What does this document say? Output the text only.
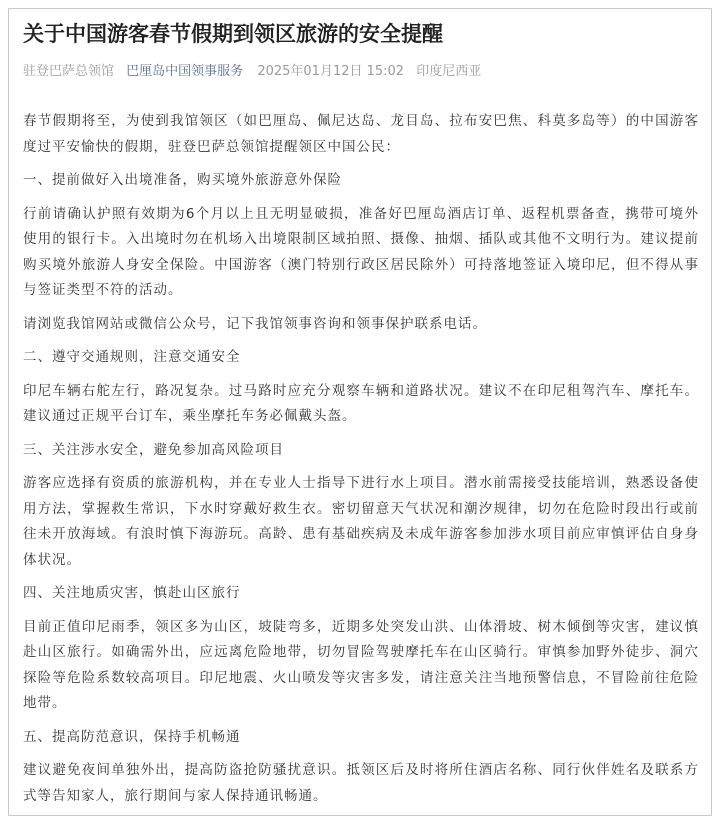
关于中国游客春节假期到领区旅游的安全提醒
驻登巴萨总领馆 巴厘岛中国领事服务 2025年01月12日 15:02 印度尼西亚

春节假期将至，为使到我馆领区（如巴厘岛、佩尼达岛、龙目岛、拉布安巴焦、科莫多岛等）的中国游客度过平安愉快的假期，驻登巴萨总领馆提醒领区中国公民：

一、提前做好入出境准备，购买境外旅游意外保险

行前请确认护照有效期为6个月以上且无明显破损，准备好巴厘岛酒店订单、返程机票备查，携带可境外使用的银行卡。入出境时勿在机场入出境限制区域拍照、摄像、抽烟、插队或其他不文明行为。建议提前购买境外旅游人身安全保险。中国游客（澳门特别行政区居民除外）可持落地签证入境印尼，但不得从事与签证类型不符的活动。

请浏览我馆网站或微信公众号，记下我馆领事咨询和领事保护联系电话。

二、遵守交通规则，注意交通安全

印尼车辆右舵左行，路况复杂。过马路时应充分观察车辆和道路状况。建议不在印尼租驾汽车、摩托车。建议通过正规平台订车，乘坐摩托车务必佩戴头盔。

三、关注涉水安全，避免参加高风险项目

游客应选择有资质的旅游机构，并在专业人士指导下进行水上项目。潜水前需接受技能培训，熟悉设备使用方法，掌握救生常识，下水时穿戴好救生衣。密切留意天气状况和潮汐规律，切勿在危险时段出行或前往未开放海域。有浪时慎下海游玩。高龄、患有基础疾病及未成年游客参加涉水项目前应审慎评估自身身体状况。

四、关注地质灾害，慎赴山区旅行

目前正值印尼雨季，领区多为山区，坡陡弯多，近期多处突发山洪、山体滑坡、树木倾倒等灾害，建议慎赴山区旅行。如确需外出，应远离危险地带，切勿冒险驾驶摩托车在山区骑行。审慎参加野外徒步、洞穴探险等危险系数较高项目。印尼地震、火山喷发等灾害多发，请注意关注当地预警信息，不冒险前往危险地带。

五、提高防范意识，保持手机畅通

建议避免夜间单独外出，提高防盗抢防骚扰意识。抵领区后及时将所住酒店名称、同行伙伴姓名及联系方式等告知家人，旅行期间与家人保持通讯畅通。
